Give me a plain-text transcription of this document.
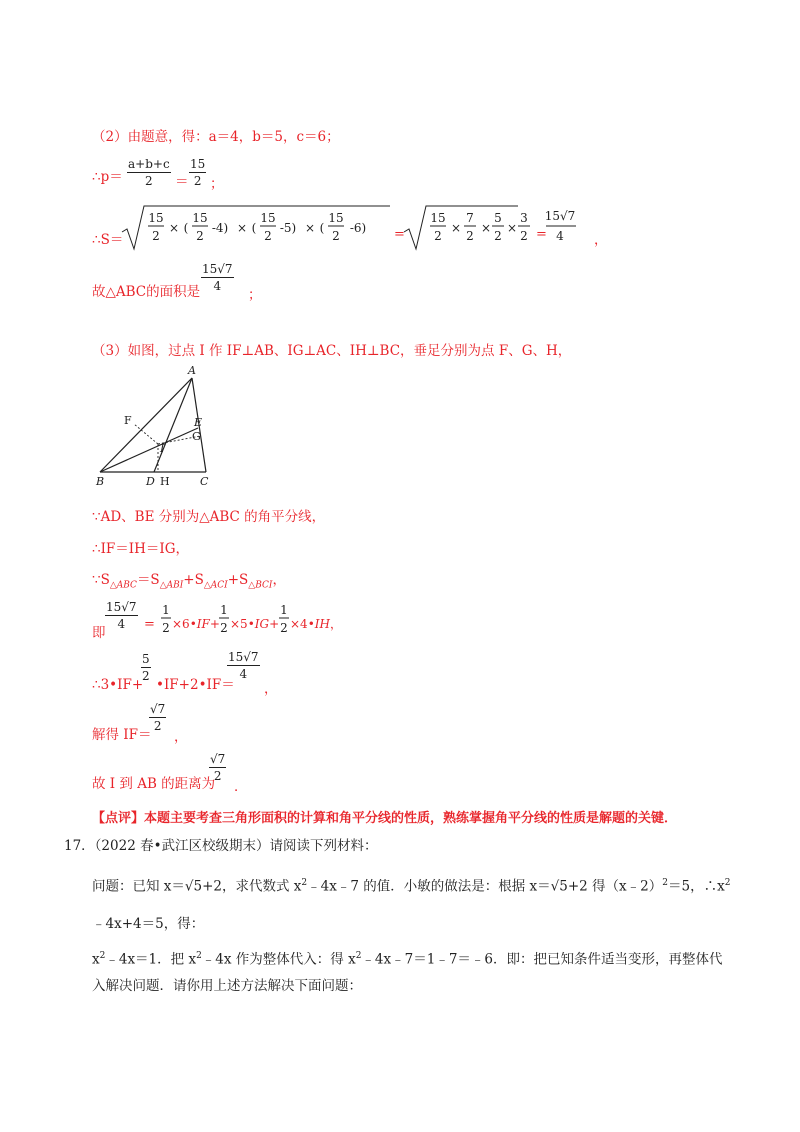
（2）由题意，得：a＝4，b＝5，c＝6；
∴p＝ $\frac{a+b+c}{2} = \frac{15}{2}$ ；
∴S＝
15
2
× (
15
2
-4) × (
15
2
-5) × (
15
2
-6) =
15
2
×
7
2
×
5
2
×
3
2 =
15√7
4 ，
故△ABC的面积是 $\frac{15√7}{4}$
；
（3）如图，过点 I 作 IF⊥AB、IG⊥AC、IH⊥BC，垂足分别为点 F、G、H，
A
E
I
B	D	C
F
G
H
∵AD、BE 分别为△ABC 的角平分线，
∴IF＝IH＝IG，
$\because S_{\triangle ABC}=S_{\triangle ABI}+S_{\triangle ACI}+S_{\triangle BCI}$，
即
$\frac{15√7}{4}$ =
1
2 ×6•IF+
1
2 ×5•IG+
1
2 ×4•IH，
∴3•IF+
$\frac{5}{2}$
•IF+2•IF＝
$\frac{15√7}{4}$
，
解得 IF＝
$\frac{√7}{2}$
，
故 I 到 AB 的距离为
$\frac{√7}{2}$
．
【点评】本题主要考查三角形面积的计算和角平分线的性质，熟练掌握角平分线的性质是解题的关键．
17．（2022 春•武江区校级期末）请阅读下列材料：
问题：已知 x＝√5+2，求代数式 $x^2﹣4x﹣7$ 的值．小敏的做法是：根据 x＝√5+2 得（x﹣2）$^2$＝5，$\therefore x^2$
﹣4x+4＝5，得：
$x^2﹣4x=1$．把 $x^2﹣4x$ 作为整体代入：得 $x^2﹣4x﹣7=1﹣7=﹣6$．即：把已知条件适当变形，再整体代
入解决问题．请你用上述方法解决下面问题：
